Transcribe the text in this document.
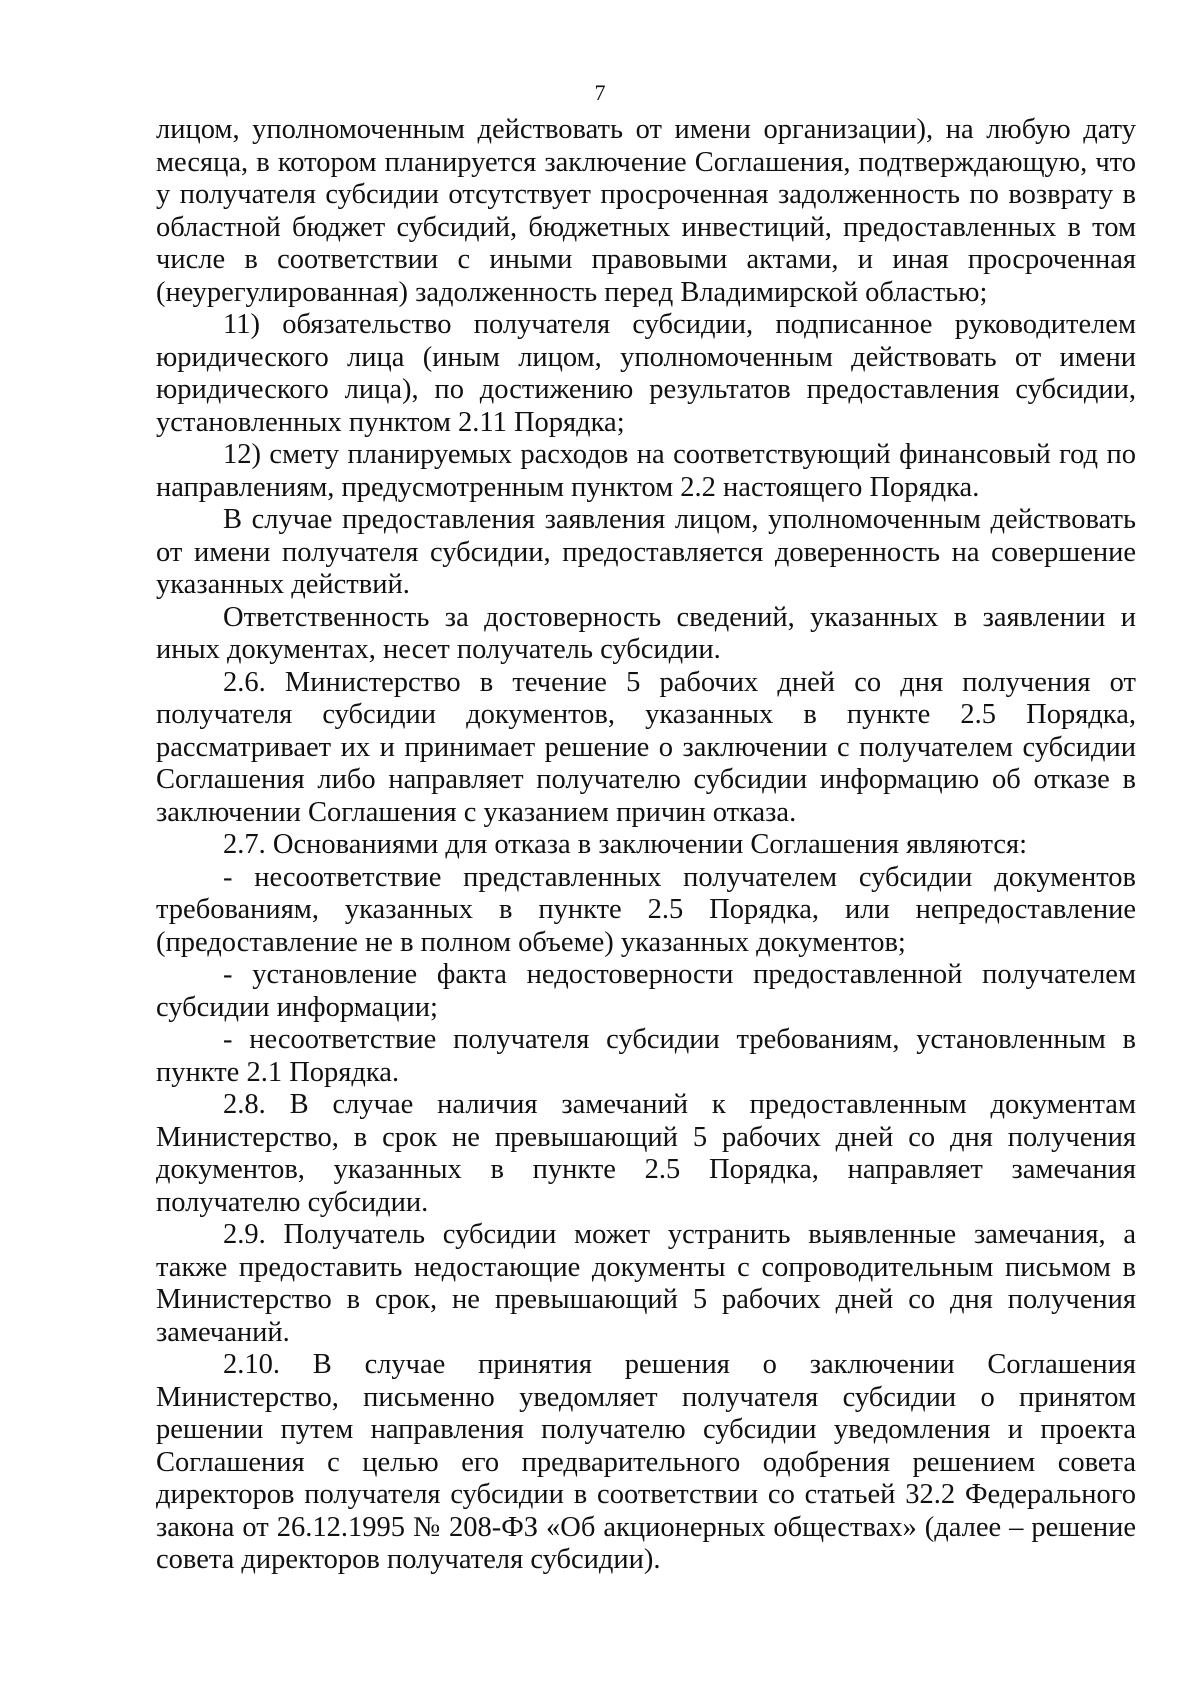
7

лицом, уполномоченным действовать от имени организации), на любую дату месяца, в котором планируется заключение Соглашения, подтверждающую, что у получателя субсидии отсутствует просроченная задолженность по возврату в областной бюджет субсидий, бюджетных инвестиций, предоставленных в том числе в соответствии с иными правовыми актами, и иная просроченная (неурегулированная) задолженность перед Владимирской областью;

11) обязательство получателя субсидии, подписанное руководителем юридического лица (иным лицом, уполномоченным действовать от имени юридического лица), по достижению результатов предоставления субсидии, установленных пунктом 2.11 Порядка;

12) смету планируемых расходов на соответствующий финансовый год по направлениям, предусмотренным пунктом 2.2 настоящего Порядка.

В случае предоставления заявления лицом, уполномоченным действовать от имени получателя субсидии, предоставляется доверенность на совершение указанных действий.

Ответственность за достоверность сведений, указанных в заявлении и иных документах, несет получатель субсидии.

2.6. Министерство в течение 5 рабочих дней со дня получения от получателя субсидии документов, указанных в пункте 2.5 Порядка, рассматривает их и принимает решение о заключении с получателем субсидии Соглашения либо направляет получателю субсидии информацию об отказе в заключении Соглашения с указанием причин отказа.

2.7. Основаниями для отказа в заключении Соглашения являются:

- несоответствие представленных получателем субсидии документов требованиям, указанных в пункте 2.5 Порядка, или непредоставление (предоставление не в полном объеме) указанных документов;

- установление факта недостоверности предоставленной получателем субсидии информации;

- несоответствие получателя субсидии требованиям, установленным в пункте 2.1 Порядка.

2.8. В случае наличия замечаний к предоставленным документам Министерство, в срок не превышающий 5 рабочих дней со дня получения документов, указанных в пункте 2.5 Порядка, направляет замечания получателю субсидии.

2.9. Получатель субсидии может устранить выявленные замечания, а также предоставить недостающие документы с сопроводительным письмом в Министерство в срок, не превышающий 5 рабочих дней со дня получения замечаний.

2.10. В случае принятия решения о заключении Соглашения Министерство, письменно уведомляет получателя субсидии о принятом решении путем направления получателю субсидии уведомления и проекта Соглашения с целью его предварительного одобрения решением совета директоров получателя субсидии в соответствии со статьей 32.2 Федерального закона от 26.12.1995 № 208-ФЗ «Об акционерных обществах» (далее – решение совета директоров получателя субсидии).
